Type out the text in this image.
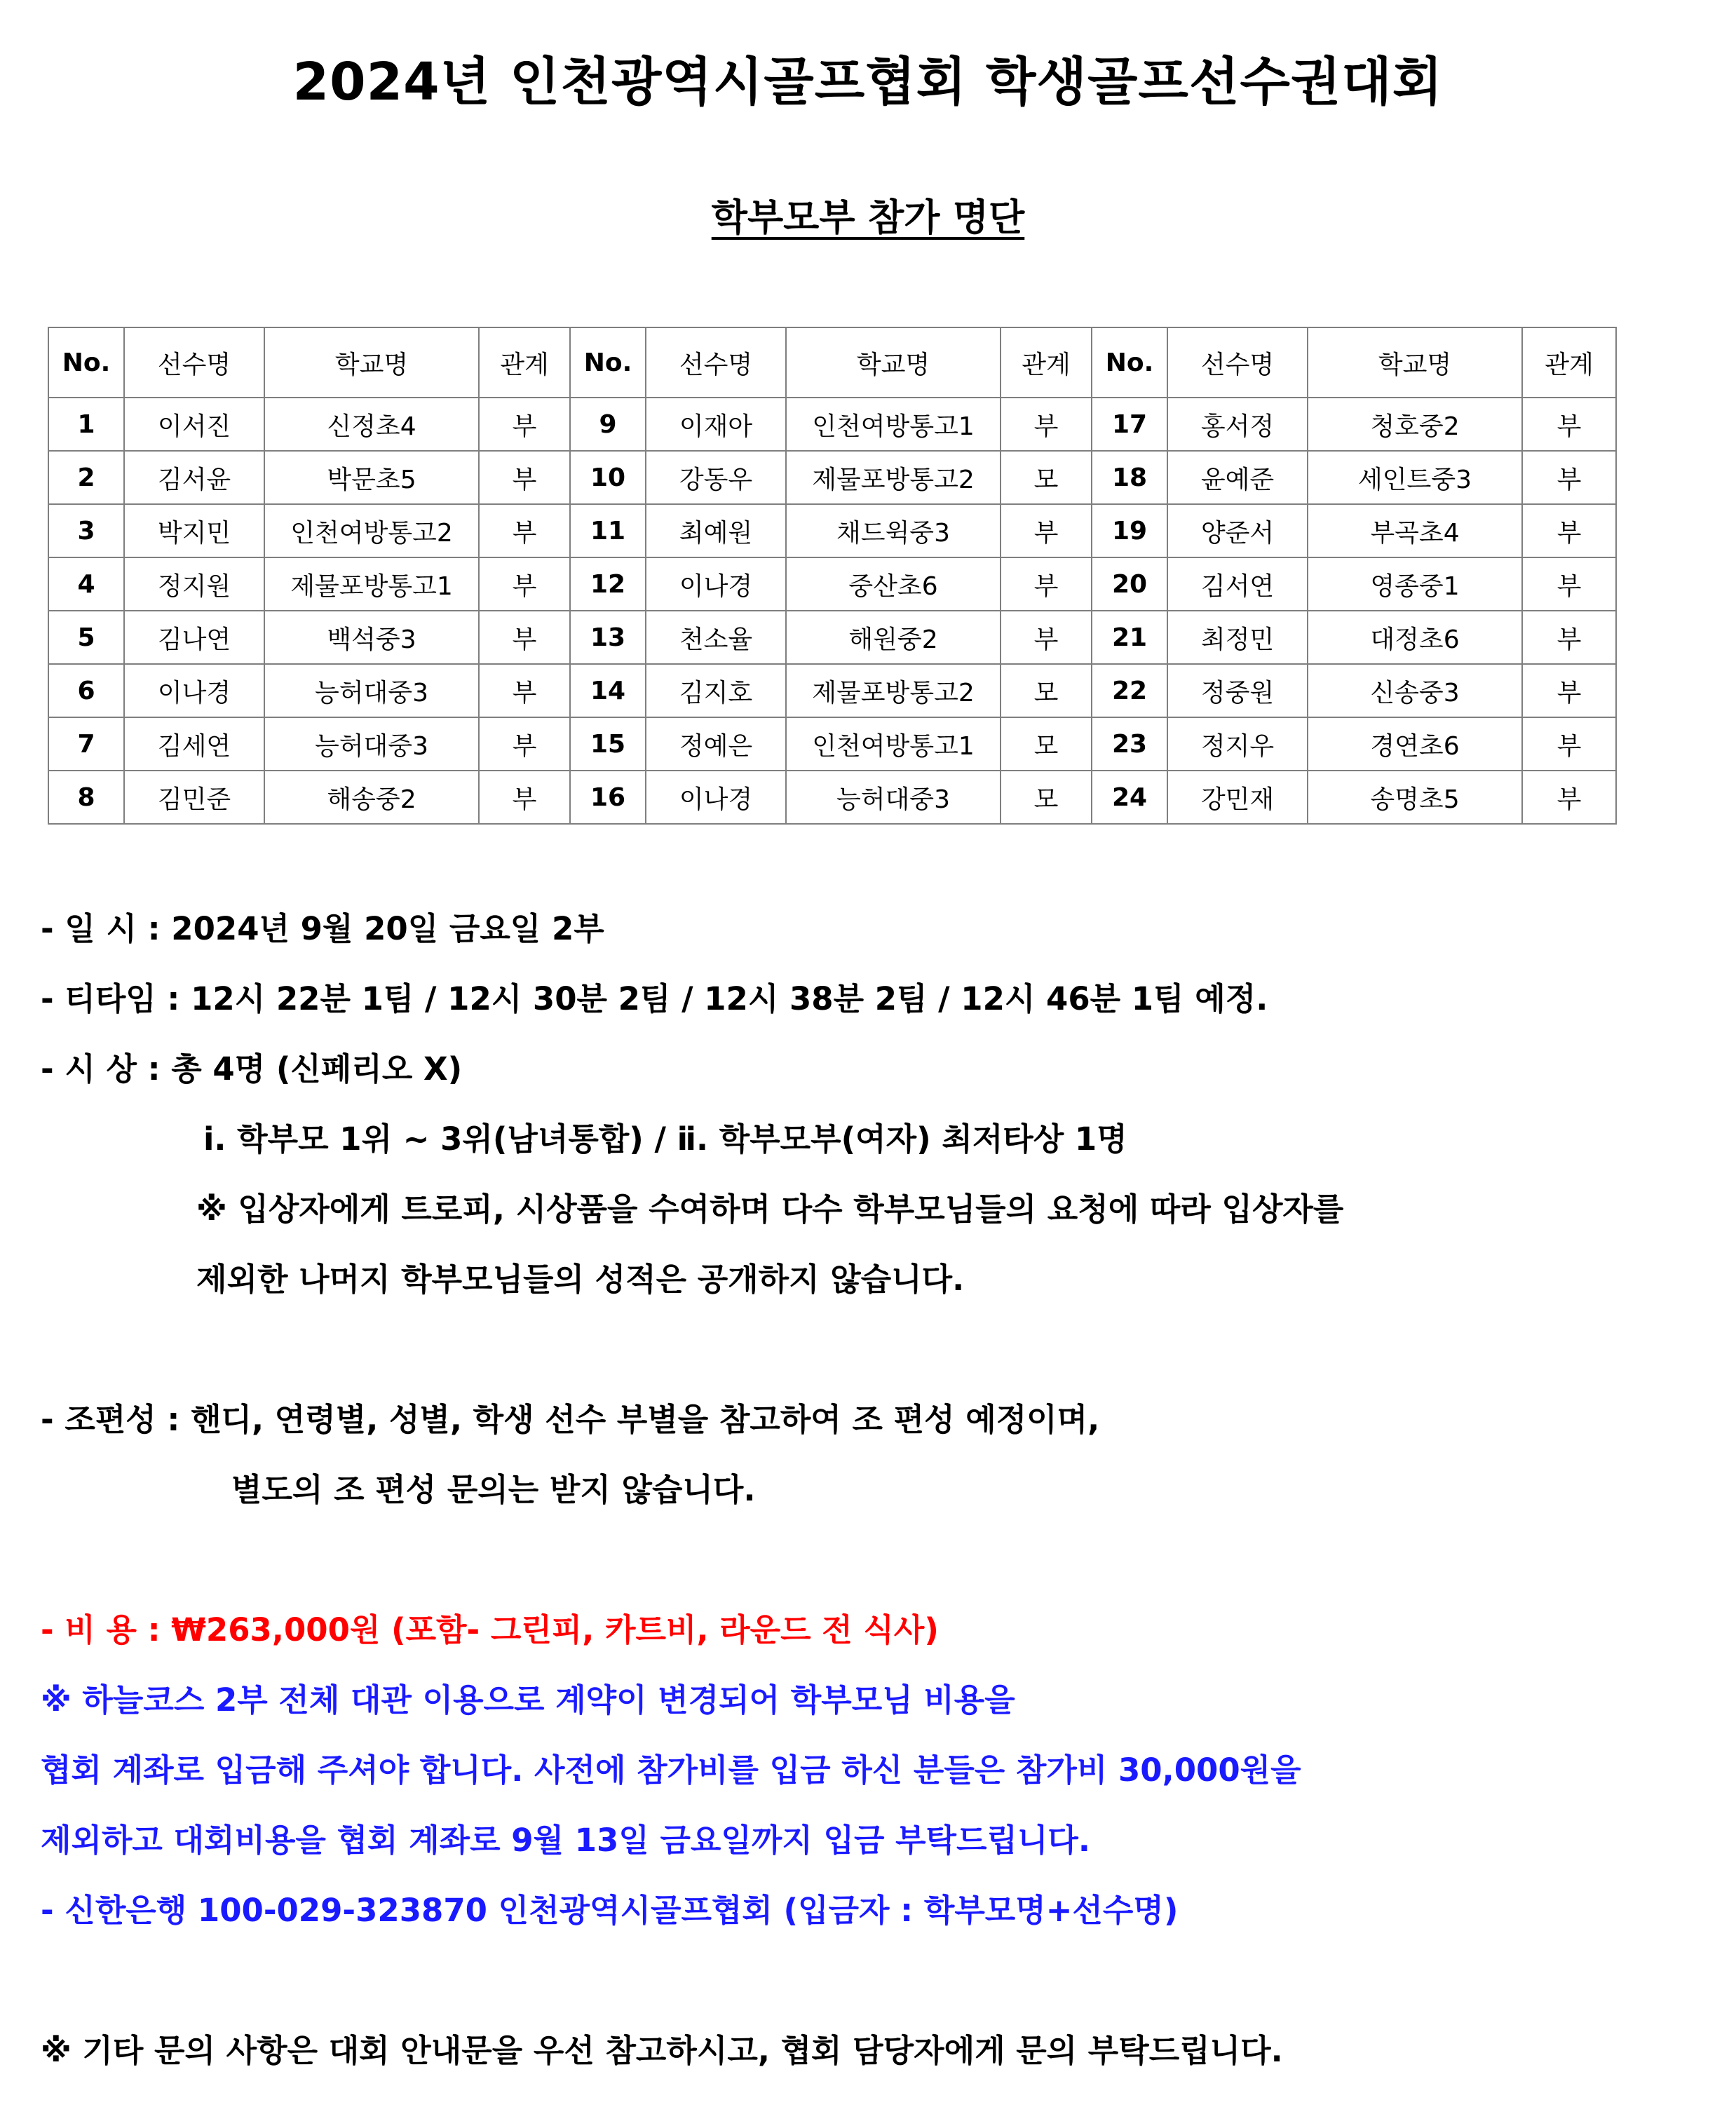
2024년 인천광역시골프협회 학생골프선수권대회
학부모부 참가 명단
No.	선수명	학교명	관계	No.	선수명	학교명	관계	No.	선수명	학교명	관계
1	이서진	신정초4	부	9	이재아	인천여방통고1	부	17	홍서정	청호중2	부
2	김서윤	박문초5	부	10	강동우	제물포방통고2	모	18	윤예준	세인트중3	부
3	박지민	인천여방통고2	부	11	최예원	채드윅중3	부	19	양준서	부곡초4	부
4	정지원	제물포방통고1	부	12	이나경	중산초6	부	20	김서연	영종중1	부
5	김나연	백석중3	부	13	천소율	해원중2	부	21	최정민	대정초6	부
6	이나경	능허대중3	부	14	김지호	제물포방통고2	모	22	정중원	신송중3	부
7	김세연	능허대중3	부	15	정예은	인천여방통고1	모	23	정지우	경연초6	부
8	김민준	해송중2	부	16	이나경	능허대중3	모	24	강민재	송명초5	부
- 일 시 : 2024년 9월 20일 금요일 2부
- 티타임 : 12시 22분 1팀 / 12시 30분 2팀 / 12시 38분 2팀 / 12시 46분 1팀 예정.
- 시 상 : 총 4명 (신페리오 X)
ⅰ. 학부모 1위 ~ 3위(남녀통합) / ⅱ. 학부모부(여자) 최저타상 1명
※ 입상자에게 트로피, 시상품을 수여하며 다수 학부모님들의 요청에 따라 입상자를
제외한 나머지 학부모님들의 성적은 공개하지 않습니다.
- 조편성 : 핸디, 연령별, 성별, 학생 선수 부별을 참고하여 조 편성 예정이며,
별도의 조 편성 문의는 받지 않습니다.
- 비 용 : ₩263,000원 (포함- 그린피, 카트비, 라운드 전 식사)
※ 하늘코스 2부 전체 대관 이용으로 계약이 변경되어 학부모님 비용을
협회 계좌로 입금해 주셔야 합니다. 사전에 참가비를 입금 하신 분들은 참가비 30,000원을
제외하고 대회비용을 협회 계좌로 9월 13일 금요일까지 입금 부탁드립니다.
- 신한은행 100-029-323870 인천광역시골프협회 (입금자 : 학부모명+선수명)
※ 기타 문의 사항은 대회 안내문을 우선 참고하시고, 협회 담당자에게 문의 부탁드립니다.
